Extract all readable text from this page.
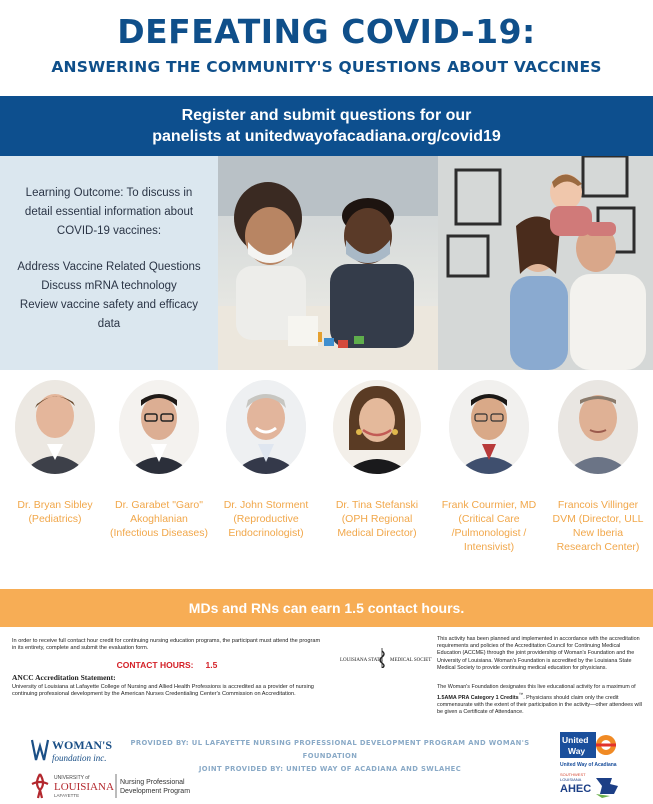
DEFEATING COVID-19:
ANSWERING THE COMMUNITY'S QUESTIONS ABOUT VACCINES
Register and submit questions for our
panelists at unitedwayofacadiana.org/covid19

Learning Outcome: To discuss in

detail essential information about

COVID-19 vaccines:

Address Vaccine Related Questions

Discuss mRNA technology

Review vaccine safety and efficacy

data

Dr. Bryan Sibley
(Pediatrics)
Dr. Garabet "Garo"
Akoghlanian
(Infectious Diseases)
Dr. John Storment
(Reproductive
Endocrinologist)
Dr. Tina Stefanski
(OPH Regional
Medical Director)
Frank Courmier, MD
(Critical Care
/Pulmonologist /
Intensivist)
Francois Villinger
DVM (Director, ULL
New Iberia
Research Center)
MDs and RNs can earn 1.5 contact hours.
In order to receive full contact hour credit for continuing nursing education programs, the participant must attend the program in its entirety, complete and submit the evaluation form.
CONTACT HOURS: 1.5
ANCC Accreditation Statement:
University of Louisiana at Lafayette College of Nursing and Allied Health Professions is accredited as a provider of nursing continuing professional development by the American Nurses Credentialing Center's Commission on Accreditation.
LOUISIANA STATE MEDICAL SOCIETY
This activity has been planned and implemented in accordance with the accreditation requirements and policies of the Accreditation Council for Continuing Medical Education (ACCME) through the joint providership of Woman's Foundation and the University of Louisiana. Woman's Foundation is accredited by the Louisiana State Medical Society to provide continuing medical education for physicians.
The Woman's Foundation designates this live educational activity for a maximum of 1.5AMA PRA Category 1 Credits™. Physicians should claim only the credit commensurate with the extent of their participation in the activity—other attendees will be given a Certificate of Attendance.
WOMAN'S
foundation inc.
PROVIDED BY: UL LAFAYETTE NURSING PROFESSIONAL DEVELOPMENT PROGRAM AND WOMAN'S FOUNDATION
JOINT PROVIDED BY: UNITED WAY OF ACADIANA AND SWLAHEC
UNIVERSITY of
LOUISIANA
LAFAYETTE
Nursing Professional
Development Program
United
Way
United Way of Acadiana
SOUTHWEST
LOUISIANA
AHEC
